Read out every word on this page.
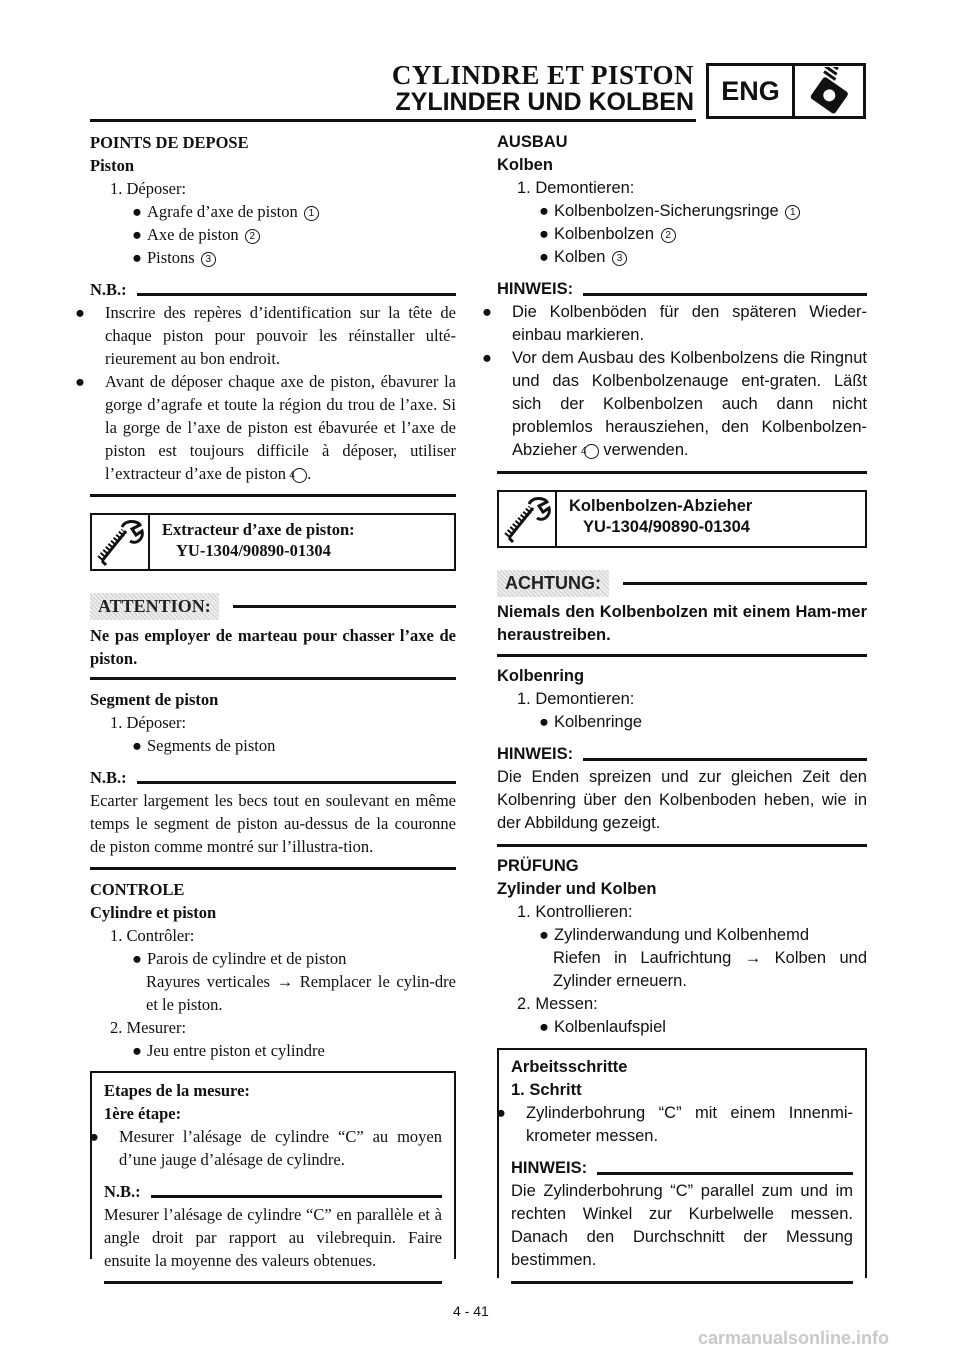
CYLINDRE ET PISTON
ZYLINDER UND KOLBEN	ENG
POINTS DE DEPOSE
Piston
1. Déposer:
● Agrafe d’axe de piston 1
● Axe de piston 2
● Pistons 3
N.B.:
● Inscrire des repères d’identification sur la tête de chaque piston pour pouvoir les réinstaller ulté-rieurement au bon endroit.
● Avant de déposer chaque axe de piston, ébavurer la gorge d’agrafe et toute la région du trou de l’axe. Si la gorge de l’axe de piston est ébavurée et l’axe de piston est toujours difficile à déposer, utiliser l’extracteur d’axe de piston 4 .
Extracteur d’axe de piston:
YU-1304/90890-01304
ATTENTION:
Ne pas employer de marteau pour chasser l’axe de piston.
Segment de piston
1. Déposer:
● Segments de piston
N.B.:
Ecarter largement les becs tout en soulevant en même temps le segment de piston au-dessus de la couronne de piston comme montré sur l’illustra-tion.
CONTROLE
Cylindre et piston
1. Contrôler:
● Parois de cylindre et de piston
Rayures verticales → Remplacer le cylin-dre et le piston.
2. Mesurer:
● Jeu entre piston et cylindre
Etapes de la mesure:
1ère étape:
● Mesurer l’alésage de cylindre “C” au moyen d’une jauge d’alésage de cylindre.
N.B.:
Mesurer l’alésage de cylindre “C” en parallèle et à angle droit par rapport au vilebrequin. Faire ensuite la moyenne des valeurs obtenues.
AUSBAU
Kolben
1. Demontieren:
● Kolbenbolzen-Sicherungsringe 1
● Kolbenbolzen 2
● Kolben 3
HINWEIS:
● Die Kolbenböden für den späteren Wieder-einbau markieren.
● Vor dem Ausbau des Kolbenbolzens die Ringnut und das Kolbenbolzenauge ent-graten. Läßt sich der Kolbenbolzen auch dann nicht problemlos herausziehen, den Kolbenbolzen-Abzieher 4 verwenden.
Kolbenbolzen-Abzieher
YU-1304/90890-01304
ACHTUNG:
Niemals den Kolbenbolzen mit einem Ham-mer heraustreiben.
Kolbenring
1. Demontieren:
● Kolbenringe
HINWEIS:
Die Enden spreizen und zur gleichen Zeit den Kolbenring über den Kolbenboden heben, wie in der Abbildung gezeigt.
PRÜFUNG
Zylinder und Kolben
1. Kontrollieren:
● Zylinderwandung und Kolbenhemd
Riefen in Laufrichtung → Kolben und Zylinder erneuern.
2. Messen:
● Kolbenlaufspiel
Arbeitsschritte
1. Schritt
● Zylinderbohrung “C” mit einem Innenmi-krometer messen.
HINWEIS:
Die Zylinderbohrung “C” parallel zum und im rechten Winkel zur Kurbelwelle messen. Danach den Durchschnitt der Messung bestimmen.
4 - 41
carmanualsonline.info
